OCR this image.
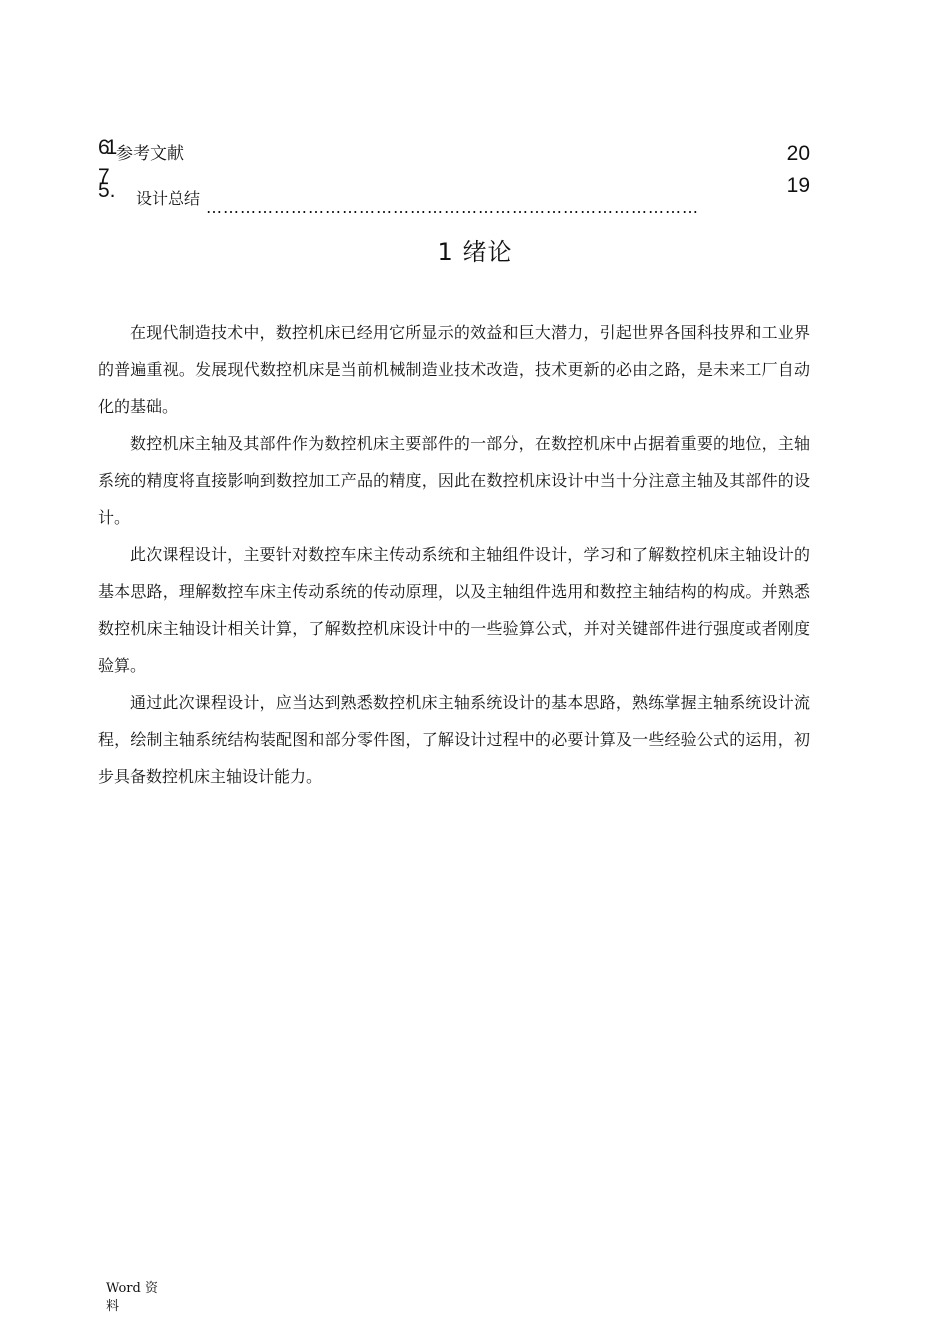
61 参考文献	20
设计总结
7
5.
……………………………………………………………………………
19
1 绪论

在现代制造技术中，数控机床已经用它所显示的效益和巨大潜力，引起世界各国科技界和工业界的普遍重视。发展现代数控机床是当前机械制造业技术改造，技术更新的必由之路，是未来工厂自动化的基础。

数控机床主轴及其部件作为数控机床主要部件的一部分，在数控机床中占据着重要的地位，主轴系统的精度将直接影响到数控加工产品的精度，因此在数控机床设计中当十分注意主轴及其部件的设计。

此次课程设计，主要针对数控车床主传动系统和主轴组件设计，学习和了解数控机床主轴设计的基本思路，理解数控车床主传动系统的传动原理，以及主轴组件选用和数控主轴结构的构成。并熟悉数控机床主轴设计相关计算，了解数控机床设计中的一些验算公式，并对关键部件进行强度或者刚度验算。

通过此次课程设计，应当达到熟悉数控机床主轴系统设计的基本思路，熟练掌握主轴系统设计流程，绘制主轴系统结构装配图和部分零件图，了解设计过程中的必要计算及一些经验公式的运用，初步具备数控机床主轴设计能力。

Word 资料
